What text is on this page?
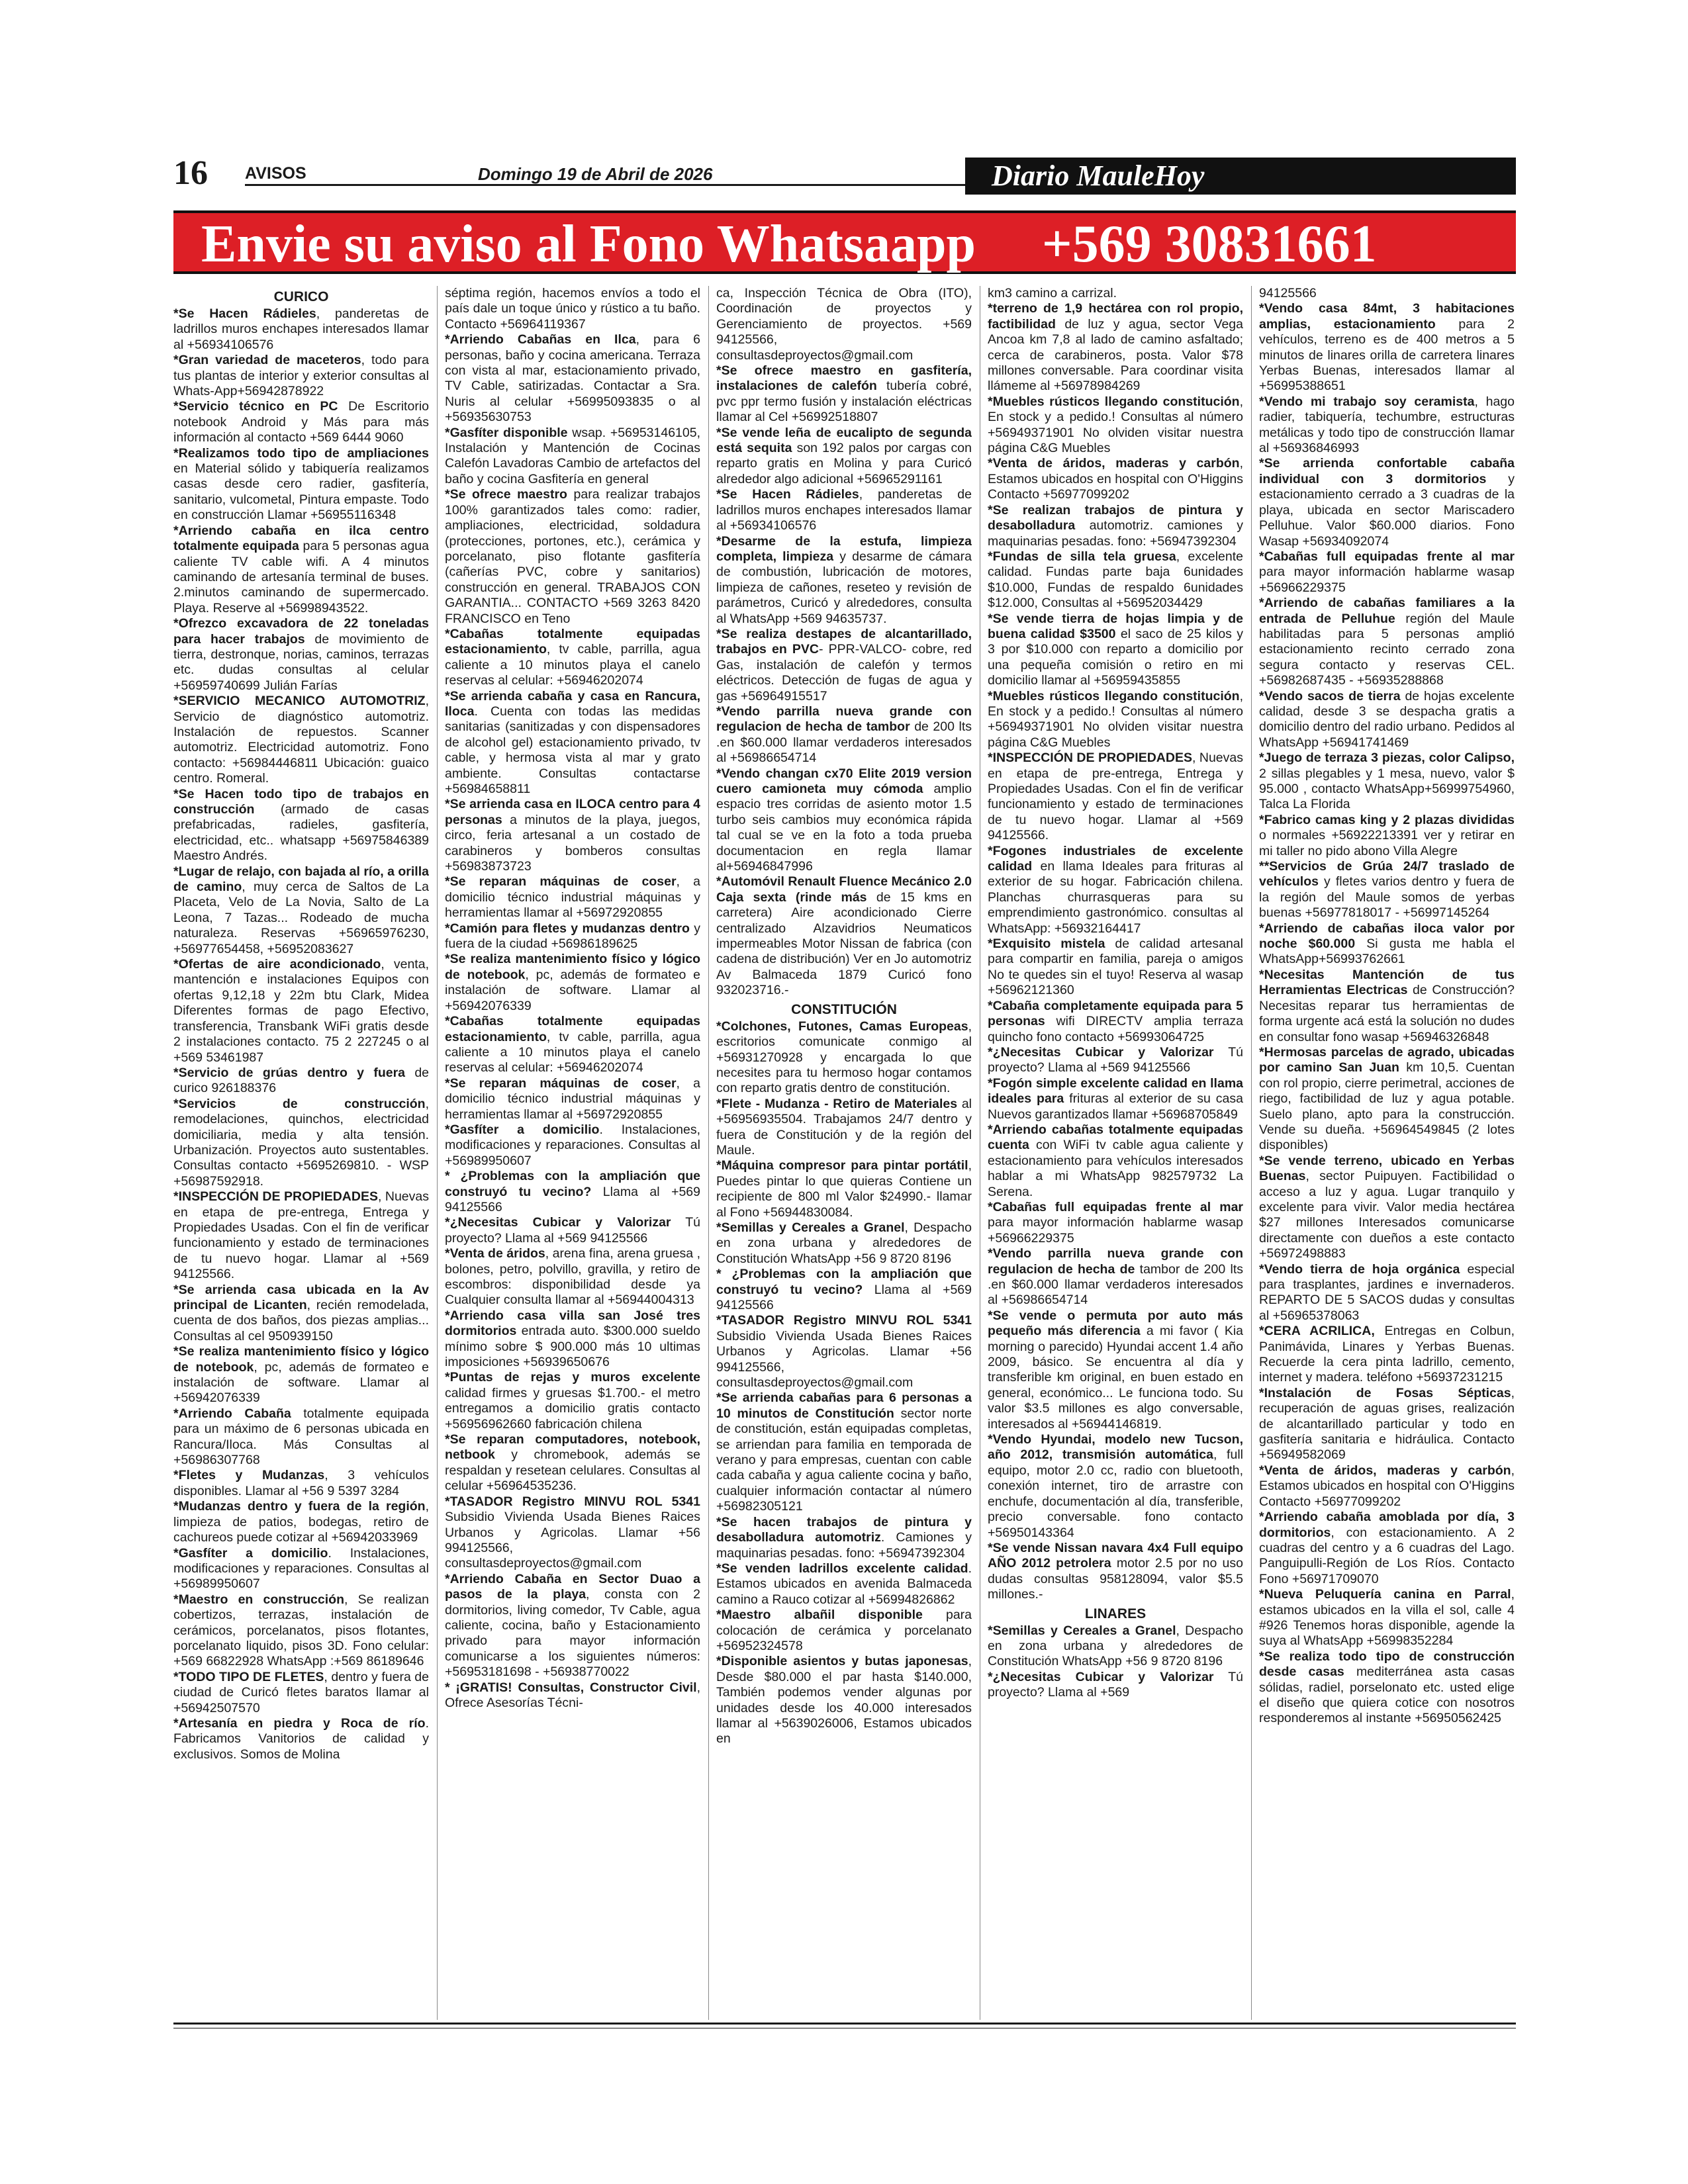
16 AVISOS	Domingo 19 de Abril de 2026	Diario MauleHoy
Envie su aviso al Fono Whatsaapp +569 30831661
CURICO

*Se Hacen Rádieles, panderetas de ladrillos muros enchapes interesados llamar al +56934106576

*Gran variedad de maceteros, todo para tus plantas de interior y exterior consultas al Whats-App+56942878922

*Servicio técnico en PC De Escritorio notebook Android y Más para más información al contacto +569 6444 9060

*Realizamos todo tipo de ampliaciones en Material sólido y tabiquería realizamos casas desde cero radier, gasfitería, sanitario, vulcometal, Pintura empaste. Todo en construcción Llamar +56955116348

*Arriendo cabaña en ilca centro totalmente equipada para 5 personas agua caliente TV cable wifi. A 4 minutos caminando de artesanía terminal de buses. 2.minutos caminando de supermercado. Playa. Reserve al +56998943522.

*Ofrezco excavadora de 22 toneladas para hacer trabajos de movimiento de tierra, destronque, norias, caminos, terrazas etc. dudas consultas al celular +56959740699 Julián Farías

*SERVICIO MECANICO AUTOMOTRIZ, Servicio de diagnóstico automotriz. Instalación de repuestos. Scanner automotriz. Electricidad automotriz. Fono contacto: +56984446811 Ubicación: guaico centro. Romeral.

*Se Hacen todo tipo de trabajos en construcción (armado de casas prefabricadas, radieles, gasfitería, electricidad, etc.. whatsapp +56975846389 Maestro Andrés.

*Lugar de relajo, con bajada al río, a orilla de camino, muy cerca de Saltos de La Placeta, Velo de La Novia, Salto de La Leona, 7 Tazas... Rodeado de mucha naturaleza. Reservas +56965976230, +56977654458, +56952083627

*Ofertas de aire acondicionado, venta, mantención e instalaciones Equipos con ofertas 9,12,18 y 22m btu Clark, Midea Diferentes formas de pago Efectivo, transferencia, Transbank WiFi gratis desde 2 instalaciones contacto. 75 2 227245 o al +569 53461987

*Servicio de grúas dentro y fuera de curico 926188376

*Servicios de construcción, remodelaciones, quinchos, electricidad domiciliaria, media y alta tensión. Urbanización. Proyectos auto sustentables. Consultas contacto +5695269810. - WSP +56987592918.

*INSPECCIÓN DE PROPIEDADES, Nuevas en etapa de pre-entrega, Entrega y Propiedades Usadas. Con el fin de verificar funcionamiento y estado de terminaciones de tu nuevo hogar. Llamar al +569 94125566.

*Se arrienda casa ubicada en la Av principal de Licanten, recién remodelada, cuenta de dos baños, dos piezas amplias... Consultas al cel 950939150

*Se realiza mantenimiento físico y lógico de notebook, pc, además de formateo e instalación de software. Llamar al +56942076339

*Arriendo Cabaña totalmente equipada para un máximo de 6 personas ubicada en Rancura/Iloca. Más Consultas al +56986307768

*Fletes y Mudanzas, 3 vehículos disponibles. Llamar al +56 9 5397 3284

*Mudanzas dentro y fuera de la región, limpieza de patios, bodegas, retiro de cachureos puede cotizar al +56942033969

*Gasfíter a domicilio. Instalaciones, modificaciones y reparaciones. Consultas al +56989950607

*Maestro en construcción, Se realizan cobertizos, terrazas, instalación de cerámicos, porcelanatos, pisos flotantes, porcelanato liquido, pisos 3D. Fono celular: +569 66822928 WhatsApp :+569 86189646

*TODO TIPO DE FLETES, dentro y fuera de ciudad de Curicó fletes baratos llamar al +56942507570

*Artesanía en piedra y Roca de río. Fabricamos Vanitorios de calidad y exclusivos. Somos de Molina

séptima región, hacemos envíos a todo el país dale un toque único y rústico a tu baño. Contacto +56964119367

*Arriendo Cabañas en Ilca, para 6 personas, baño y cocina americana. Terraza con vista al mar, estacionamiento privado, TV Cable, satirizadas. Contactar a Sra. Nuris al celular +56995093835 o al +56935630753

*Gasfíter disponible wsap. +56953146105, Instalación y Mantención de Cocinas Calefón Lavadoras Cambio de artefactos del baño y cocina Gasfitería en general

*Se ofrece maestro para realizar trabajos 100% garantizados tales como: radier, ampliaciones, electricidad, soldadura (protecciones, portones, etc.), cerámica y porcelanato, piso flotante gasfitería (cañerías PVC, cobre y sanitarios) construcción en general. TRABAJOS CON GARANTIA... CONTACTO +569 3263 8420 FRANCISCO en Teno

*Cabañas totalmente equipadas estacionamiento, tv cable, parrilla, agua caliente a 10 minutos playa el canelo reservas al celular: +56946202074

*Se arrienda cabaña y casa en Rancura, Ilоca. Cuenta con todas las medidas sanitarias (sanitizadas y con dispensadores de alcohol gel) estacionamiento privado, tv cable, y hermosa vista al mar y grato ambiente. Consultas contactarse +56984658811

*Se arrienda casa en ILOCA centro para 4 personas a minutos de la playa, juegos, circo, feria artesanal a un costado de carabineros y bomberos consultas +56983873723

*Se reparan máquinas de coser, a domicilio técnico industrial máquinas y herramientas llamar al +56972920855

*Camión para fletes y mudanzas dentro y fuera de la ciudad +56986189625

*Se realiza mantenimiento físico y lógico de notebook, pc, además de formateo e instalación de software. Llamar al +56942076339

*Cabañas totalmente equipadas estacionamiento, tv cable, parrilla, agua caliente a 10 minutos playa el canelo reservas al celular: +56946202074

*Se reparan máquinas de coser, a domicilio técnico industrial máquinas y herramientas llamar al +56972920855

*Gasfíter a domicilio. Instalaciones, modificaciones y reparaciones. Consultas al +56989950607

* ¿Problemas con la ampliación que construyó tu vecino? Llama al +569 94125566

*¿Necesitas Cubicar y Valorizar Tú proyecto? Llama al +569 94125566

*Venta de áridos, arena fina, arena gruesa , bolones, petro, polvillo, gravilla, y retiro de escombros: disponibilidad desde ya Cualquier consulta llamar al +56944004313

*Arriendo casa villa san José tres dormitorios entrada auto. $300.000 sueldo mínimo sobre $ 900.000 más 10 ultimas imposiciones +56939650676

*Puntas de rejas y muros excelente calidad firmes y gruesas $1.700.- el metro entregamos a domicilio gratis contacto +56956962660 fabricación chilena

*Se reparan computadores, notebook, netbook y chromebook, además se respaldan y resetean celulares. Consultas al celular +56964535236.

*TASADOR Registro MINVU ROL 5341 Subsidio Vivienda Usada Bienes Raices Urbanos y Agricolas. Llamar +56 994125566, consultasdeproyectos@gmail.com

*Arriendo Cabaña en Sector Duao a pasos de la playa, consta con 2 dormitorios, living comedor, Tv Cable, agua caliente, cocina, baño y Estacionamiento privado para mayor información comunicarse a los siguientes números: +56953181698 - +56938770022

* ¡GRATIS! Consultas, Constructor Civil, Ofrece Asesorías Técni-

ca, Inspección Técnica de Obra (ITO), Coordinación de proyectos y Gerenciamiento de proyectos. +569 94125566, consultasdeproyectos@gmail.com

*Se ofrece maestro en gasfitería, instalaciones de calefón tubería cobré, pvc ppr termo fusión y instalación eléctricas llamar al Cel +56992518807

*Se vende leña de eucalipto de segunda está sequita son 192 palos por cargas con reparto gratis en Molina y para Curicó alrededor algo adicional +56965291161

*Se Hacen Rádieles, panderetas de ladrillos muros enchapes interesados llamar al +56934106576

*Desarme de la estufa, limpieza completa, limpieza y desarme de cámara de combustión, lubricación de motores, limpieza de cañones, reseteo y revisión de parámetros, Curicó y alrededores, consulta al WhatsApp +569 94635737.

*Se realiza destapes de alcantarillado, trabajos en PVC- PPR-VALCO- cobre, red Gas, instalación de calefón y termos eléctricos. Detección de fugas de agua y gas +56964915517

*Vendo parrilla nueva grande con regulacion de hecha de tambor de 200 lts .en $60.000 llamar verdaderos interesados al +56986654714

*Vendo changan cx70 Elite 2019 version cuero camioneta muy cómoda amplio espacio tres corridas de asiento motor 1.5 turbo seis cambios muy económica rápida tal cual se ve en la foto a toda prueba documentacion en regla llamar al+56946847996

*Automóvil Renault Fluence Mecánico 2.0 Caja sexta (rinde más de 15 kms en carretera) Aire acondicionado Cierre centralizado Alzavidrios Neumaticos impermeables Motor Nissan de fabrica (con cadena de distribución) Ver en Jo automotriz Av Balmaceda 1879 Curicó fono 932023716.-

CONSTITUCIÓN

*Colchones, Futones, Camas Europeas, escritorios comunicate conmigo al +56931270928 y encargada lo que necesites para tu hermoso hogar contamos con reparto gratis dentro de constitución.

*Flete - Mudanza - Retiro de Materiales al +56956935504. Trabajamos 24/7 dentro y fuera de Constitución y de la región del Maule.

*Máquina compresor para pintar portátil, Puedes pintar lo que quieras Contiene un recipiente de 800 ml Valor $24990.- llamar al Fono +56944830084.

*Semillas y Cereales a Granel, Despacho en zona urbana y alrededores de Constitución WhatsApp +56 9 8720 8196

* ¿Problemas con la ampliación que construyó tu vecino? Llama al +569 94125566

*TASADOR Registro MINVU ROL 5341 Subsidio Vivienda Usada Bienes Raices Urbanos y Agricolas. Llamar +56 994125566, consultasdeproyectos@gmail.com

*Se arrienda cabañas para 6 personas a 10 minutos de Constitución sector norte de constitución, están equipadas completas, se arriendan para familia en temporada de verano y para empresas, cuentan con cable cada cabaña y agua caliente cocina y baño, cualquier información contactar al número +56982305121

*Se hacen trabajos de pintura y desabolladura automotriz. Camiones y maquinarias pesadas. fono: +56947392304

*Se venden ladrillos excelente calidad. Estamos ubicados en avenida Balmaceda camino a Rauco cotizar al +56994826862

*Maestro albañil disponible para colocación de cerámica y porcelanato +56952324578

*Disponible asientos y butas japonesas, Desde $80.000 el par hasta $140.000, También podemos vender algunas por unidades desde los 40.000 interesados llamar al +5639026006, Estamos ubicados en

km3 camino a carrizal.

*terreno de 1,9 hectárea con rol propio, factibilidad de luz y agua, sector Vega Ancoa km 7,8 al lado de camino asfaltado; cerca de carabineros, posta. Valor $78 millones conversable. Para coordinar visita llámeme al +56978984269

*Muebles rústicos llegando constitución, En stock y a pedido.! Consultas al número +56949371901 No olviden visitar nuestra página C&G Muebles

*Venta de áridos, maderas y carbón, Estamos ubicados en hospital con O'Higgins Contacto +56977099202

*Se realizan trabajos de pintura y desabolladura automotriz. camiones y maquinarias pesadas. fono: +56947392304

*Fundas de silla tela gruesa, excelente calidad. Fundas parte baja 6unidades $10.000, Fundas de respaldo 6unidades $12.000, Consultas al +56952034429

*Se vende tierra de hojas limpia y de buena calidad $3500 el saco de 25 kilos y 3 por $10.000 con reparto a domicilio por una pequeña comisión o retiro en mi domicilio llamar al +56959435855

*Muebles rústicos llegando constitución, En stock y a pedido.! Consultas al número +56949371901 No olviden visitar nuestra página C&G Muebles

*INSPECCIÓN DE PROPIEDADES, Nuevas en etapa de pre-entrega, Entrega y Propiedades Usadas. Con el fin de verificar funcionamiento y estado de terminaciones de tu nuevo hogar. Llamar al +569 94125566.

*Fogones industriales de excelente calidad en llama Ideales para frituras al exterior de su hogar. Fabricación chilena. Planchas churrasqueras para su emprendimiento gastronómico. consultas al WhatsApp: +56932164417

*Exquisito mistela de calidad artesanal para compartir en familia, pareja o amigos No te quedes sin el tuyo! Reserva al wasap +56962121360

*Cabaña completamente equipada para 5 personas wifi DIRECTV amplia terraza quincho fono contacto +56993064725

*¿Necesitas Cubicar y Valorizar Tú proyecto? Llama al +569 94125566

*Fogón simple excelente calidad en llama ideales para frituras al exterior de su casa Nuevos garantizados llamar +56968705849

*Arriendo cabañas totalmente equipadas cuenta con WiFi tv cable agua caliente y estacionamiento para vehículos interesados hablar a mi WhatsApp 982579732 La Serena.

*Cabañas full equipadas frente al mar para mayor información hablarme wasap +56966229375

*Vendo parrilla nueva grande con regulacion de hecha de tambor de 200 lts .en $60.000 llamar verdaderos interesados al +56986654714

*Se vende o permuta por auto más pequeño más diferencia a mi favor ( Kia morning o parecido) Hyundai accent 1.4 año 2009, básico. Se encuentra al día y transferible km original, en buen estado en general, económico... Le funciona todo. Su valor $3.5 millones es algo conversable, interesados al +56944146819.

*Vendo Hyundai, modelo new Tucson, año 2012, transmisión automática, full equipo, motor 2.0 cc, radio con bluetooth, conexión internet, tiro de arrastre con enchufe, documentación al día, transferible, precio conversable. fono contacto +56950143364

*Se vende Nissan navara 4x4 Full equipo AÑO 2012 petrolera motor 2.5 por no uso dudas consultas 958128094, valor $5.5 millones.-

LINARES

*Semillas y Cereales a Granel, Despacho en zona urbana y alrededores de Constitución WhatsApp +56 9 8720 8196

*¿Necesitas Cubicar y Valorizar Tú proyecto? Llama al +569

94125566

*Vendo casa 84mt, 3 habitaciones amplias, estacionamiento para 2 vehículos, terreno es de 400 metros a 5 minutos de linares orilla de carretera linares Yerbas Buenas, interesados llamar al +56995388651

*Vendo mi trabajo soy ceramista, hago radier, tabiquería, techumbre, estructuras metálicas y todo tipo de construcción llamar al +56936846993

*Se arrienda confortable cabaña individual con 3 dormitorios y estacionamiento cerrado a 3 cuadras de la playa, ubicada en sector Mariscadero Pelluhue. Valor $60.000 diarios. Fono Wasap +56934092074

*Cabañas full equipadas frente al mar para mayor información hablarme wasap +56966229375

*Arriendo de cabañas familiares a la entrada de Pelluhue región del Maule habilitadas para 5 personas amplió estacionamiento recinto cerrado zona segura contacto y reservas CEL. +56982687435 - +56935288868

*Vendo sacos de tierra de hojas excelente calidad, desde 3 se despacha gratis a domicilio dentro del radio urbano. Pedidos al WhatsApp +56941741469

*Juego de terraza 3 piezas, color Calipso, 2 sillas plegables y 1 mesa, nuevo, valor $ 95.000 , contacto WhatsApp+56999754960, Talca La Florida

*Fabrico camas king y 2 plazas divididas o normales +56922213391 ver y retirar en mi taller no pido abono Villa Alegre

**Servicios de Grúa 24/7 traslado de vehículos y fletes varios dentro y fuera de la región del Maule somos de yerbas buenas +56977818017 - +56997145264

*Arriendo de cabañas ilоca valor por noche $60.000 Si gusta me habla el WhatsApp+56993762661

*Necesitas Mantención de tus Herramientas Electricas de Construcción? Necesitas reparar tus herramientas de forma urgente acá está la solución no dudes en consultar fono wasap +56946326848

*Hermosas parcelas de agrado, ubicadas por camino San Juan km 10,5. Cuentan con rol propio, cierre perimetral, acciones de riego, factibilidad de luz y agua potable. Suelo plano, apto para la construcción. Vende su dueña. +56964549845 (2 lotes disponibles)

*Se vende terreno, ubicado en Yerbas Buenas, sector Puipuyen. Factibilidad o acceso a luz y agua. Lugar tranquilo y excelente para vivir. Valor media hectárea $27 millones Interesados comunicarse directamente con dueños a este contacto +56972498883

*Vendo tierra de hoja orgánica especial para trasplantes, jardines e invernaderos. REPARTO DE 5 SACOS dudas y consultas al +56965378063

*CERA ACRILICA, Entregas en Colbun, Panimávida, Linares y Yerbas Buenas. Recuerde la cera pinta ladrillo, cemento, internet y madera. teléfono +56937231215

*Instalación de Fosas Sépticas, recuperación de aguas grises, realización de alcantarillado particular y todo en gasfitería sanitaria e hidráulica. Contacto +56949582069

*Venta de áridos, maderas y carbón, Estamos ubicados en hospital con O'Higgins Contacto +56977099202

*Arriendo cabaña amoblada por día, 3 dormitorios, con estacionamiento. A 2 cuadras del centro y a 6 cuadras del Lago. Panguipulli-Región de Los Ríos. Contacto Fono +56971709070

*Nueva Peluquería canina en Parral, estamos ubicados en la villa el sol, calle 4 #926 Tenemos horas disponible, agende la suya al WhatsApp +56998352284

*Se realiza todo tipo de construcción desde casas mediterránea asta casas sólidas, radiel, porselonato etc. usted elige el diseño que quiera cotice con nosotros responderemos al instante +56950562425
